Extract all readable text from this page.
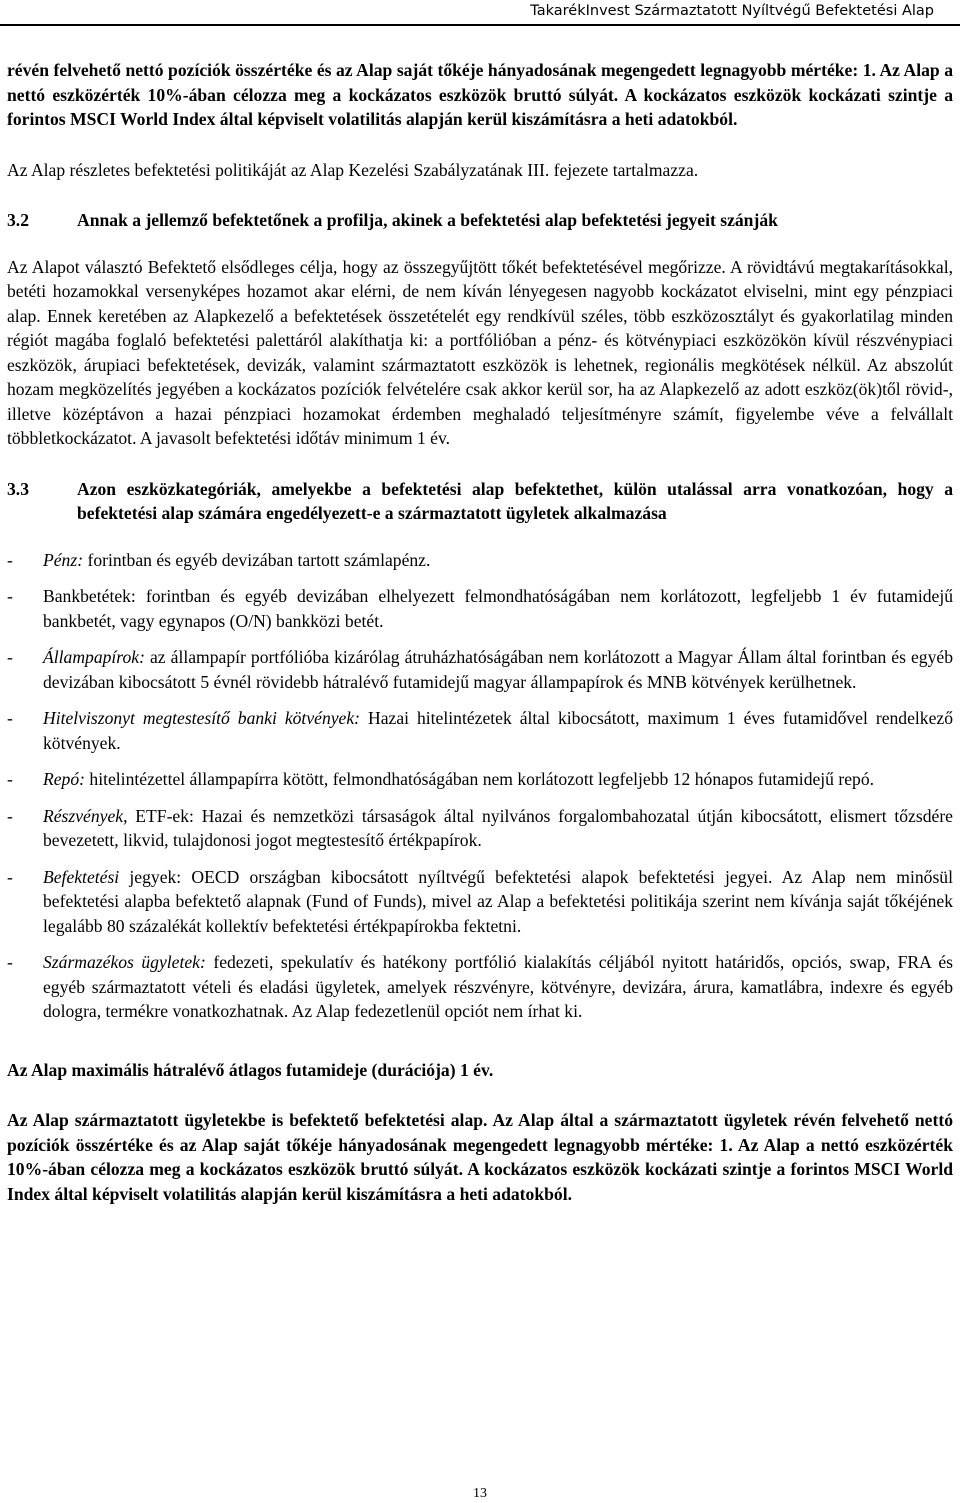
TakarékInvest Származtatott Nyíltvégű Befektetési Alap

révén felvehető nettó pozíciók összértéke és az Alap saját tőkéje hányadosának megengedett legnagyobb mértéke: 1. Az Alap a nettó eszközérték 10%-ában célozza meg a kockázatos eszközök bruttó súlyát. A kockázatos eszközök kockázati szintje a forintos MSCI World Index által képviselt volatilitás alapján kerül kiszámításra a heti adatokból.

Az Alap részletes befektetési politikáját az Alap Kezelési Szabályzatának III. fejezete tartalmazza.

3.2	Annak a jellemző befektetőnek a profilja, akinek a befektetési alap befektetési jegyeit szánják

Az Alapot választó Befektető elsődleges célja, hogy az összegyűjtött tőkét befektetésével megőrizze. A rövidtávú megtakarításokkal, betéti hozamokkal versenyképes hozamot akar elérni, de nem kíván lényegesen nagyobb kockázatot elviselni, mint egy pénzpiaci alap. Ennek keretében az Alapkezelő a befektetések összetételét egy rendkívül széles, több eszközosztályt és gyakorlatilag minden régiót magába foglaló befektetési palettáról alakíthatja ki: a portfólióban a pénz- és kötvénypiaci eszközökön kívül részvénypiaci eszközök, árupiaci befektetések, devizák, valamint származtatott eszközök is lehetnek, regionális megkötések nélkül. Az abszolút hozam megközelítés jegyében a kockázatos pozíciók felvételére csak akkor kerül sor, ha az Alapkezelő az adott eszköz(ök)től rövid-, illetve középtávon a hazai pénzpiaci hozamokat érdemben meghaladó teljesítményre számít, figyelembe véve a felvállalt többletkockázatot. A javasolt befektetési időtáv minimum 1 év.

3.3	Azon eszközkategóriák, amelyekbe a befektetési alap befektethet, külön utalással arra vonatkozóan, hogy a befektetési alap számára engedélyezett-e a származtatott ügyletek alkalmazása
-	Pénz: forintban és egyéb devizában tartott számlapénz.
-	Bankbetétek: forintban és egyéb devizában elhelyezett felmondhatóságában nem korlátozott, legfeljebb 1 év futamidejű bankbetét, vagy egynapos (O/N) bankközi betét.
-	Állampapírok: az állampapír portfólióba kizárólag átruházhatóságában nem korlátozott a Magyar Állam által forintban és egyéb devizában kibocsátott 5 évnél rövidebb hátralévő futamidejű magyar állampapírok és MNB kötvények kerülhetnek.
-	Hitelviszonyt megtestesítő banki kötvények: Hazai hitelintézetek által kibocsátott, maximum 1 éves futamidővel rendelkező kötvények.
-	Repó: hitelintézettel állampapírra kötött, felmondhatóságában nem korlátozott legfeljebb 12 hónapos futamidejű repó.
-	Részvények, ETF-ek: Hazai és nemzetközi társaságok által nyilvános forgalombahozatal útján kibocsátott, elismert tőzsdére bevezetett, likvid, tulajdonosi jogot megtestesítő értékpapírok.
-	Befektetési jegyek: OECD országban kibocsátott nyíltvégű befektetési alapok befektetési jegyei. Az Alap nem minősül befektetési alapba befektető alapnak (Fund of Funds), mivel az Alap a befektetési politikája szerint nem kívánja saját tőkéjének legalább 80 százalékát kollektív befektetési értékpapírokba fektetni.
-	Származékos ügyletek: fedezeti, spekulatív és hatékony portfólió kialakítás céljából nyitott határidős, opciós, swap, FRA és egyéb származtatott vételi és eladási ügyletek, amelyek részvényre, kötvényre, devizára, árura, kamatlábra, indexre és egyéb dologra, termékre vonatkozhatnak. Az Alap fedezetlenül opciót nem írhat ki.

Az Alap maximális hátralévő átlagos futamideje (durációja) 1 év.

Az Alap származtatott ügyletekbe is befektető befektetési alap. Az Alap által a származtatott ügyletek révén felvehető nettó pozíciók összértéke és az Alap saját tőkéje hányadosának megengedett legnagyobb mértéke: 1. Az Alap a nettó eszközérték 10%-ában célozza meg a kockázatos eszközök bruttó súlyát. A kockázatos eszközök kockázati szintje a forintos MSCI World Index által képviselt volatilitás alapján kerül kiszámításra a heti adatokból.

13
